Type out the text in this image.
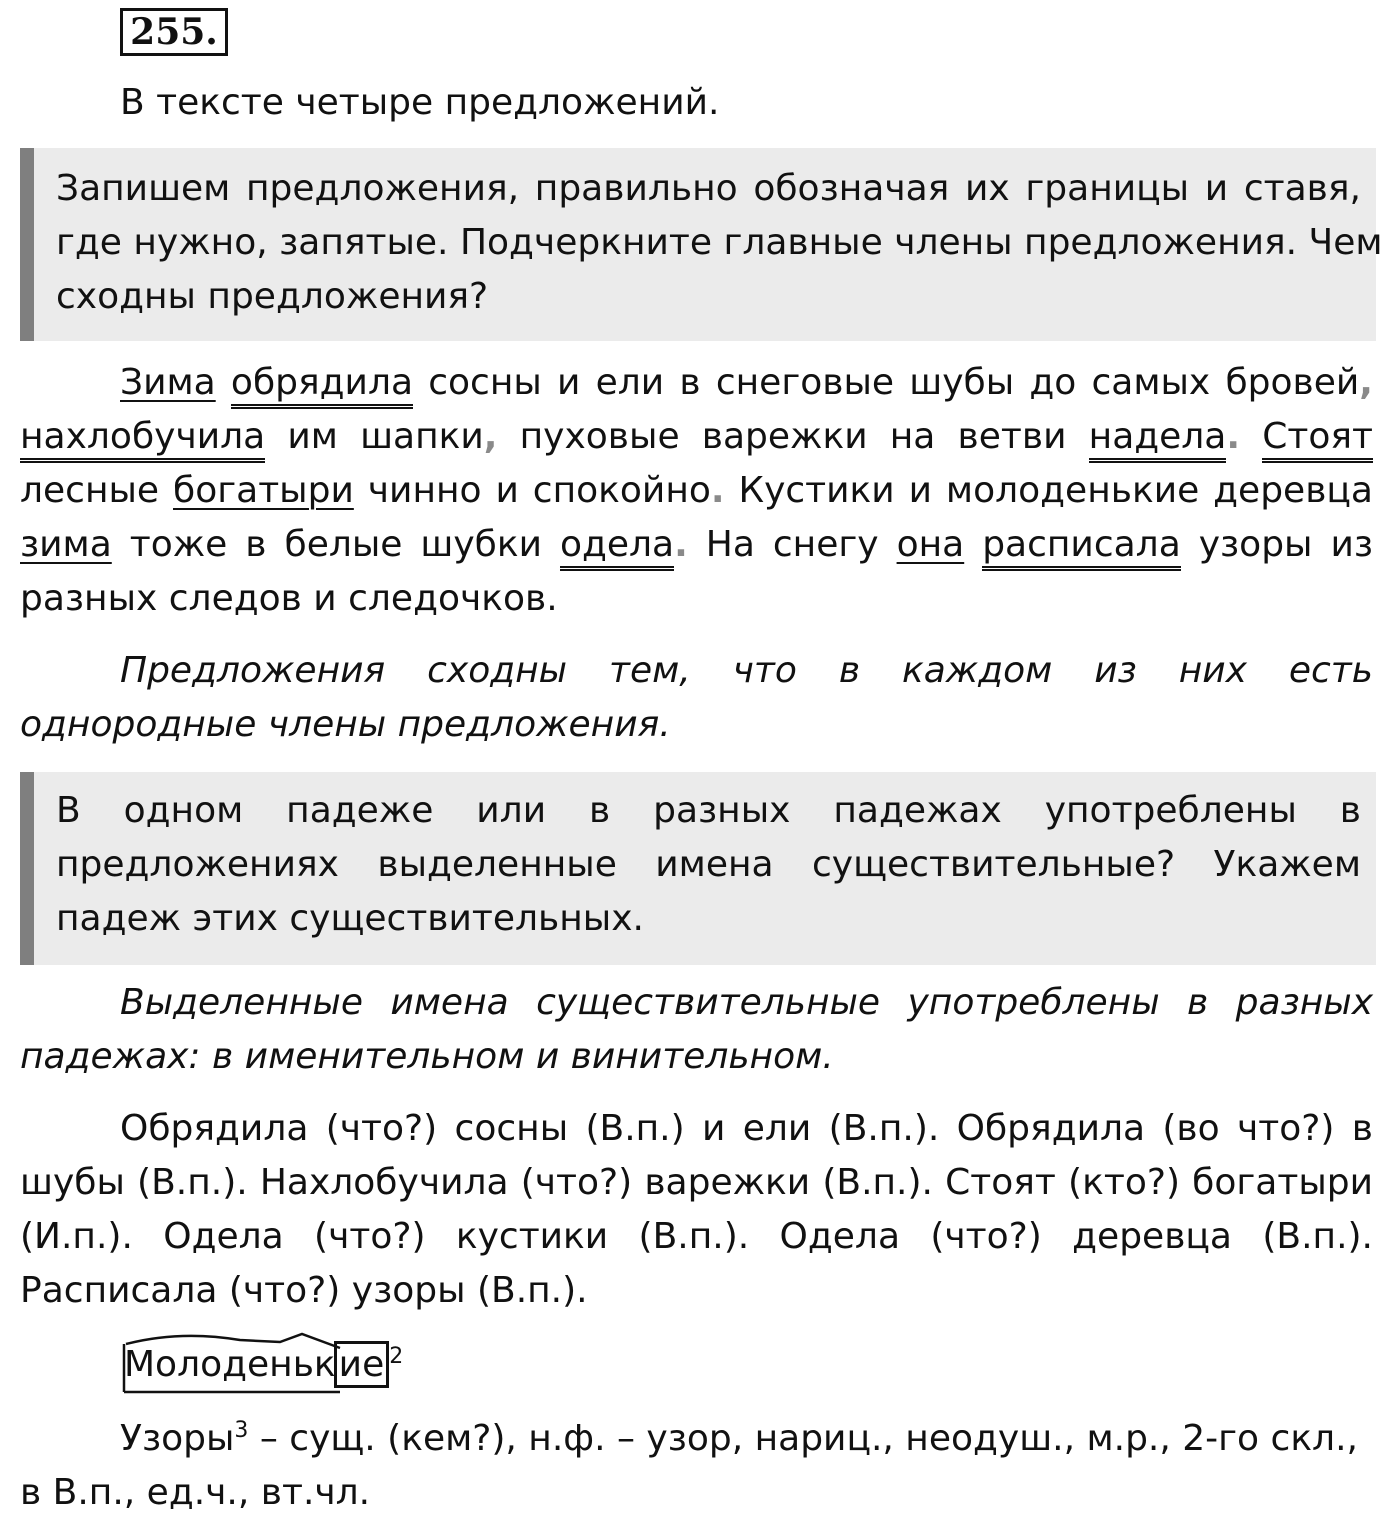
255.
В тексте четыре предложений.
Запишем предложения, правильно обозначая их границы и ставя,
где нужно, запятые. Подчеркните главные члены предложения. Чем
сходны предложения?
Зима обрядила сосны и ели в снеговые шубы до самых бровей,
нахлобучила им шапки, пуховые варежки на ветви надела. Стоят
лесные богатыри чинно и спокойно. Кустики и молоденькие деревца
зима тоже в белые шубки одела. На снегу она расписала узоры из
разных следов и следочков.
Предложения сходны тем, что в каждом из них есть
однородные члены предложения.
В одном падеже или в разных падежах употреблены в
предложениях выделенные имена существительные? Укажем
падеж этих существительных.
Выделенные имена существительные употреблены в разных
падежах: в именительном и винительном.
Обрядила (что?) сосны (В.п.) и ели (В.п.). Обрядила (во что?) в
шубы (В.п.). Нахлобучила (что?) варежки (В.п.). Стоят (кто?) богатыри
(И.п.). Одела (что?) кустики (В.п.). Одела (что?) деревца (В.п.).
Расписала (что?) узоры (В.п.).
Молоденькие $^2$
Узоры$^3$ – сущ. (кем?), н.ф. – узор, нариц., неодуш., м.р., 2-го скл.,
в В.п., ед.ч., вт.чл.
